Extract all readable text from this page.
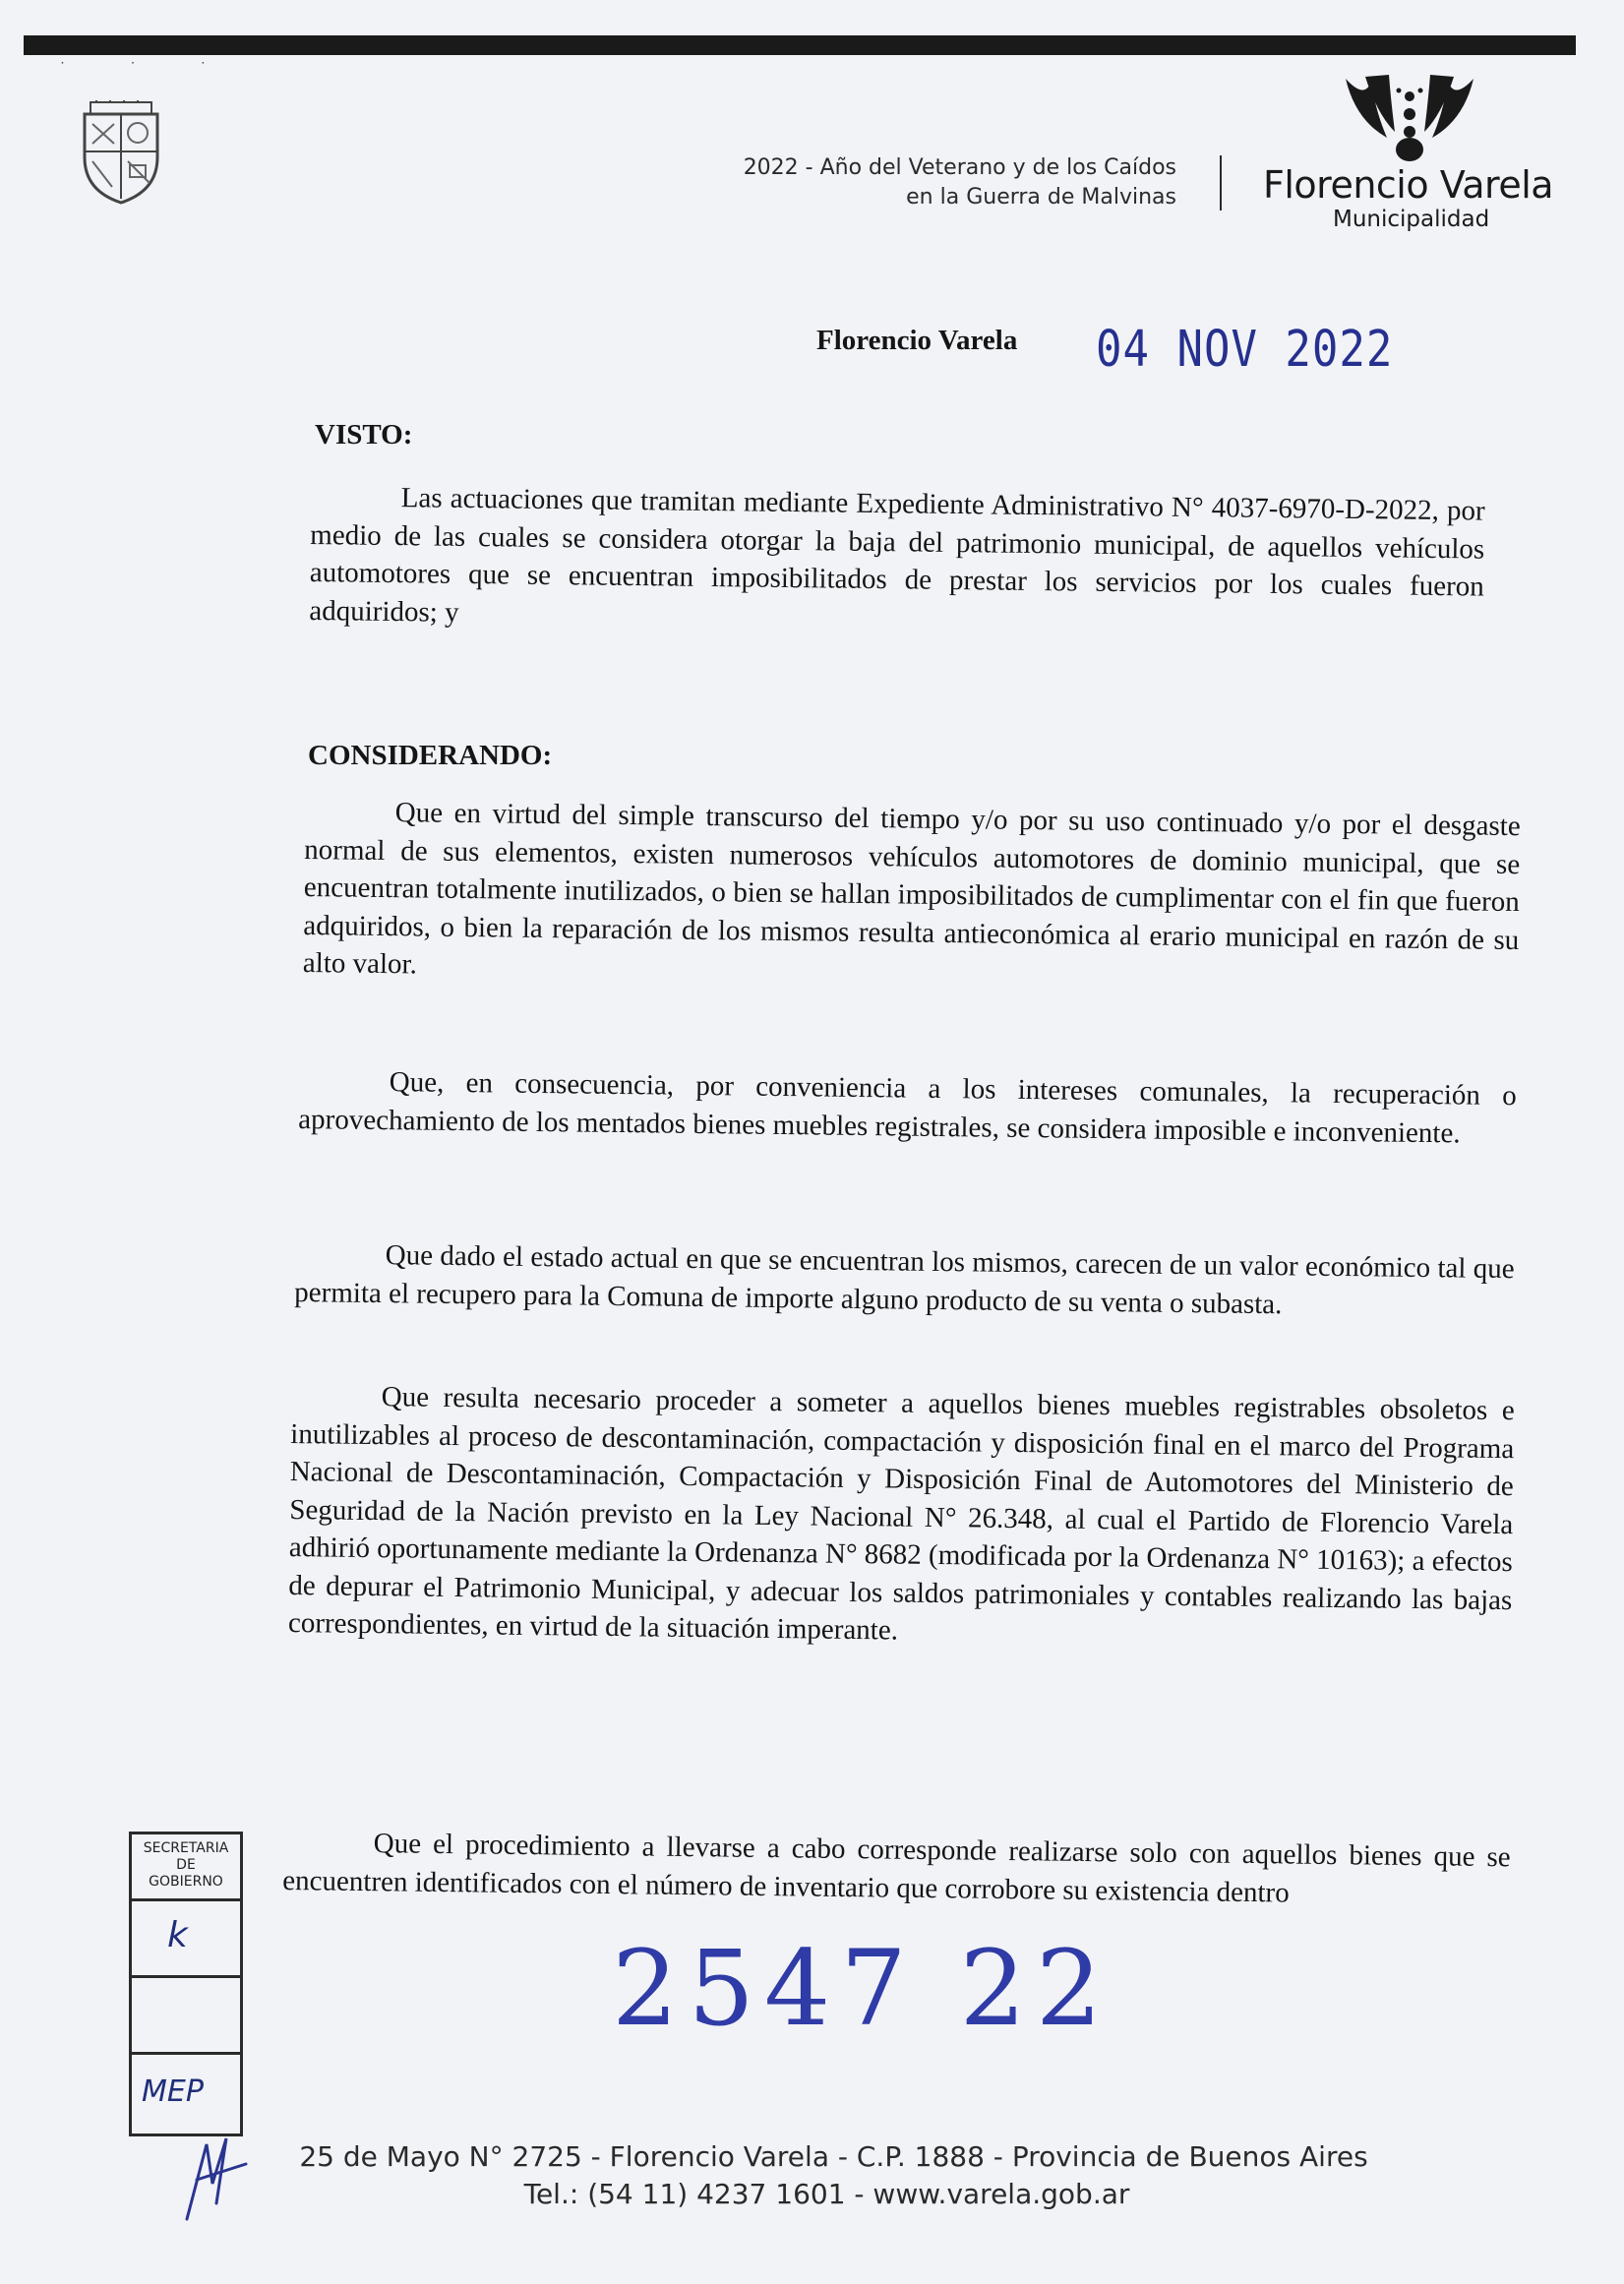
˙ ˙ ˙
2022 - Año del Veterano y de los Caídos
en la Guerra de Malvinas Florencio Varela
Municipalidad
Florencio Varela 04 NOV 2022
VISTO:
Las actuaciones que tramitan mediante Expediente Administrativo N° 4037-6970-D-2022, por medio de las cuales se considera otorgar la baja del patrimonio municipal, de aquellos vehículos automotores que se encuentran imposibilitados de prestar los servicios por los cuales fueron adquiridos; y
CONSIDERANDO:
Que en virtud del simple transcurso del tiempo y/o por su uso continuado y/o por el desgaste normal de sus elementos, existen numerosos vehículos automotores de dominio municipal, que se encuentran totalmente inutilizados, o bien se hallan imposibilitados de cumplimentar con el fin que fueron adquiridos, o bien la reparación de los mismos resulta antieconómica al erario municipal en razón de su alto valor.
Que, en consecuencia, por conveniencia a los intereses comunales, la recuperación o aprovechamiento de los mentados bienes muebles registrales, se considera imposible e inconveniente.
Que dado el estado actual en que se encuentran los mismos, carecen de un valor económico tal que permita el recupero para la Comuna de importe alguno producto de su venta o subasta.
Que resulta necesario proceder a someter a aquellos bienes muebles registrables obsoletos e inutilizables al proceso de descontaminación, compactación y disposición final en el marco del Programa Nacional de Descontaminación, Compactación y Disposición Final de Automotores del Ministerio de Seguridad de la Nación previsto en la Ley Nacional N° 26.348, al cual el Partido de Florencio Varela adhirió oportunamente mediante la Ordenanza N° 8682 (modificada por la Ordenanza N° 10163); a efectos de depurar el Patrimonio Municipal, y adecuar los saldos patrimoniales y contables realizando las bajas correspondientes, en virtud de la situación imperante.
Que el procedimiento a llevarse a cabo corresponde realizarse solo con aquellos bienes que se encuentren identificados con el número de inventario que corrobore su existencia dentro
SECRETARIA
DE
GOBIERNO
k
MEP
2547 22
25 de Mayo N° 2725 - Florencio Varela - C.P. 1888 - Provincia de Buenos Aires
Tel.: (54 11) 4237 1601 - www.varela.gob.ar
